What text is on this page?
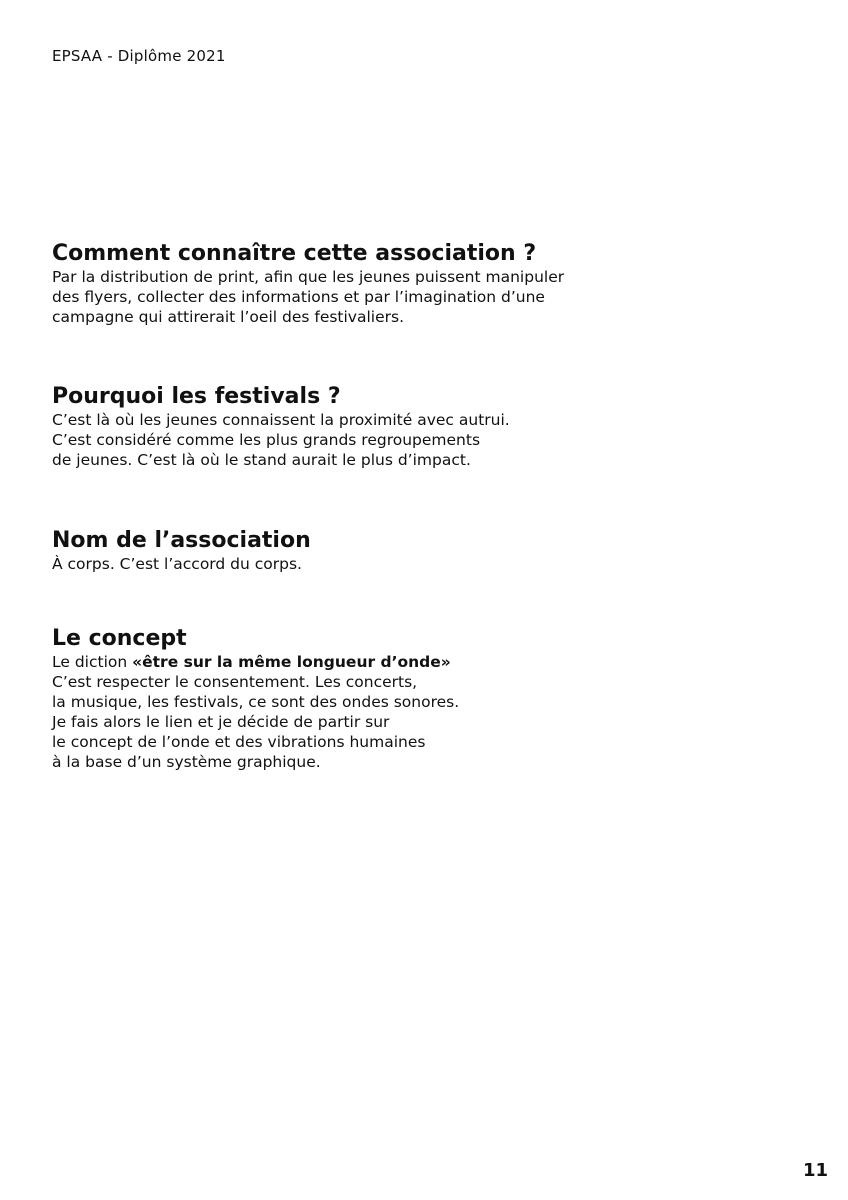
EPSAA - Diplôme 2021
Comment connaître cette association ?
Par la distribution de print, afin que les jeunes puissent manipuler
des flyers, collecter des informations et par l’imagination d’une
campagne qui attirerait l’oeil des festivaliers.
Pourquoi les festivals ?
C’est là où les jeunes connaissent la proximité avec autrui.
C’est considéré comme les plus grands regroupements
de jeunes. C’est là où le stand aurait le plus d’impact.
Nom de l’association
À corps. C’est l’accord du corps.
Le concept
Le diction «être sur la même longueur d’onde»
C’est respecter le consentement. Les concerts,
la musique, les festivals, ce sont des ondes sonores.
Je fais alors le lien et je décide de partir sur
le concept de l’onde et des vibrations humaines
à la base d’un système graphique.
11
